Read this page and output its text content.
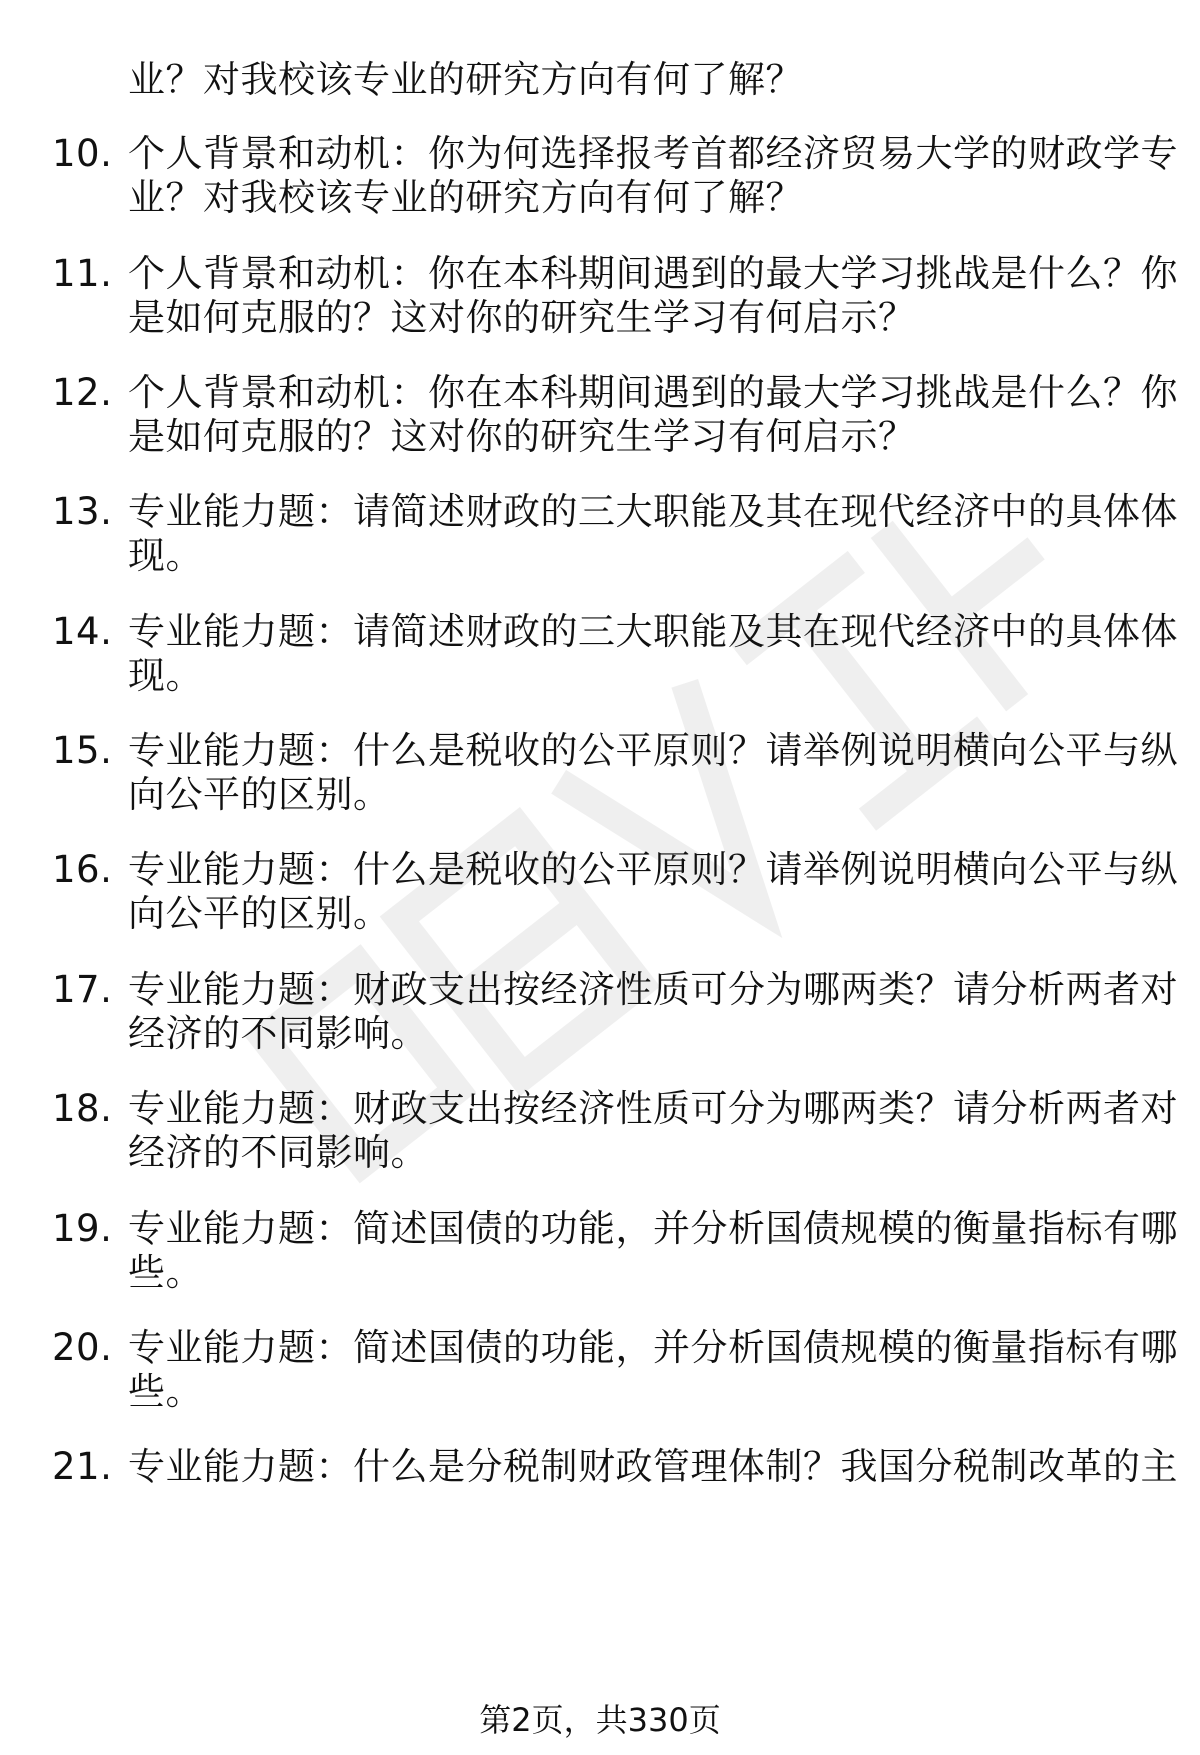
业？对我校该专业的研究方向有何了解？
10. 个人背景和动机：你为何选择报考首都经济贸易大学的财政学专
业？对我校该专业的研究方向有何了解？
11. 个人背景和动机：你在本科期间遇到的最大学习挑战是什么？你
是如何克服的？这对你的研究生学习有何启示？
12. 个人背景和动机：你在本科期间遇到的最大学习挑战是什么？你
是如何克服的？这对你的研究生学习有何启示？
13. 专业能力题：请简述财政的三大职能及其在现代经济中的具体体
现。
14. 专业能力题：请简述财政的三大职能及其在现代经济中的具体体
现。
15. 专业能力题：什么是税收的公平原则？请举例说明横向公平与纵
向公平的区别。
16. 专业能力题：什么是税收的公平原则？请举例说明横向公平与纵
向公平的区别。
17. 专业能力题：财政支出按经济性质可分为哪两类？请分析两者对
经济的不同影响。
18. 专业能力题：财政支出按经济性质可分为哪两类？请分析两者对
经济的不同影响。
19. 专业能力题：简述国债的功能，并分析国债规模的衡量指标有哪
些。
20. 专业能力题：简述国债的功能，并分析国债规模的衡量指标有哪
些。
21. 专业能力题：什么是分税制财政管理体制？我国分税制改革的主
第2页，共330页
